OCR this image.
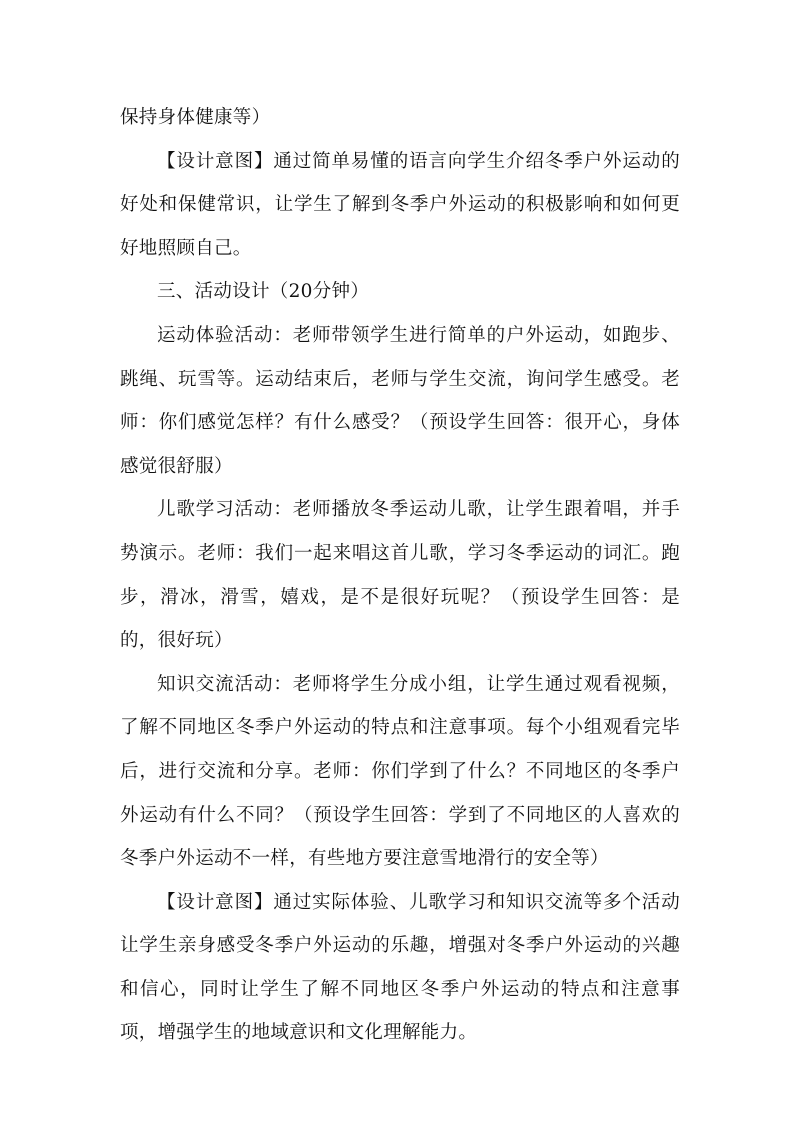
保持身体健康等）

【设计意图】通过简单易懂的语言向学生介绍冬季户外运动的好处和保健常识，让学生了解到冬季户外运动的积极影响和如何更好地照顾自己。

三、活动设计（20分钟）

运动体验活动：老师带领学生进行简单的户外运动，如跑步、跳绳、玩雪等。运动结束后，老师与学生交流，询问学生感受。老师：你们感觉怎样？有什么感受？（预设学生回答：很开心，身体感觉很舒服）

儿歌学习活动：老师播放冬季运动儿歌，让学生跟着唱，并手势演示。老师：我们一起来唱这首儿歌，学习冬季运动的词汇。跑步，滑冰，滑雪，嬉戏，是不是很好玩呢？（预设学生回答：是的，很好玩）

知识交流活动：老师将学生分成小组，让学生通过观看视频，了解不同地区冬季户外运动的特点和注意事项。每个小组观看完毕后，进行交流和分享。老师：你们学到了什么？不同地区的冬季户外运动有什么不同？（预设学生回答：学到了不同地区的人喜欢的冬季户外运动不一样，有些地方要注意雪地滑行的安全等）

【设计意图】通过实际体验、儿歌学习和知识交流等多个活动让学生亲身感受冬季户外运动的乐趣，增强对冬季户外运动的兴趣和信心，同时让学生了解不同地区冬季户外运动的特点和注意事项，增强学生的地域意识和文化理解能力。
